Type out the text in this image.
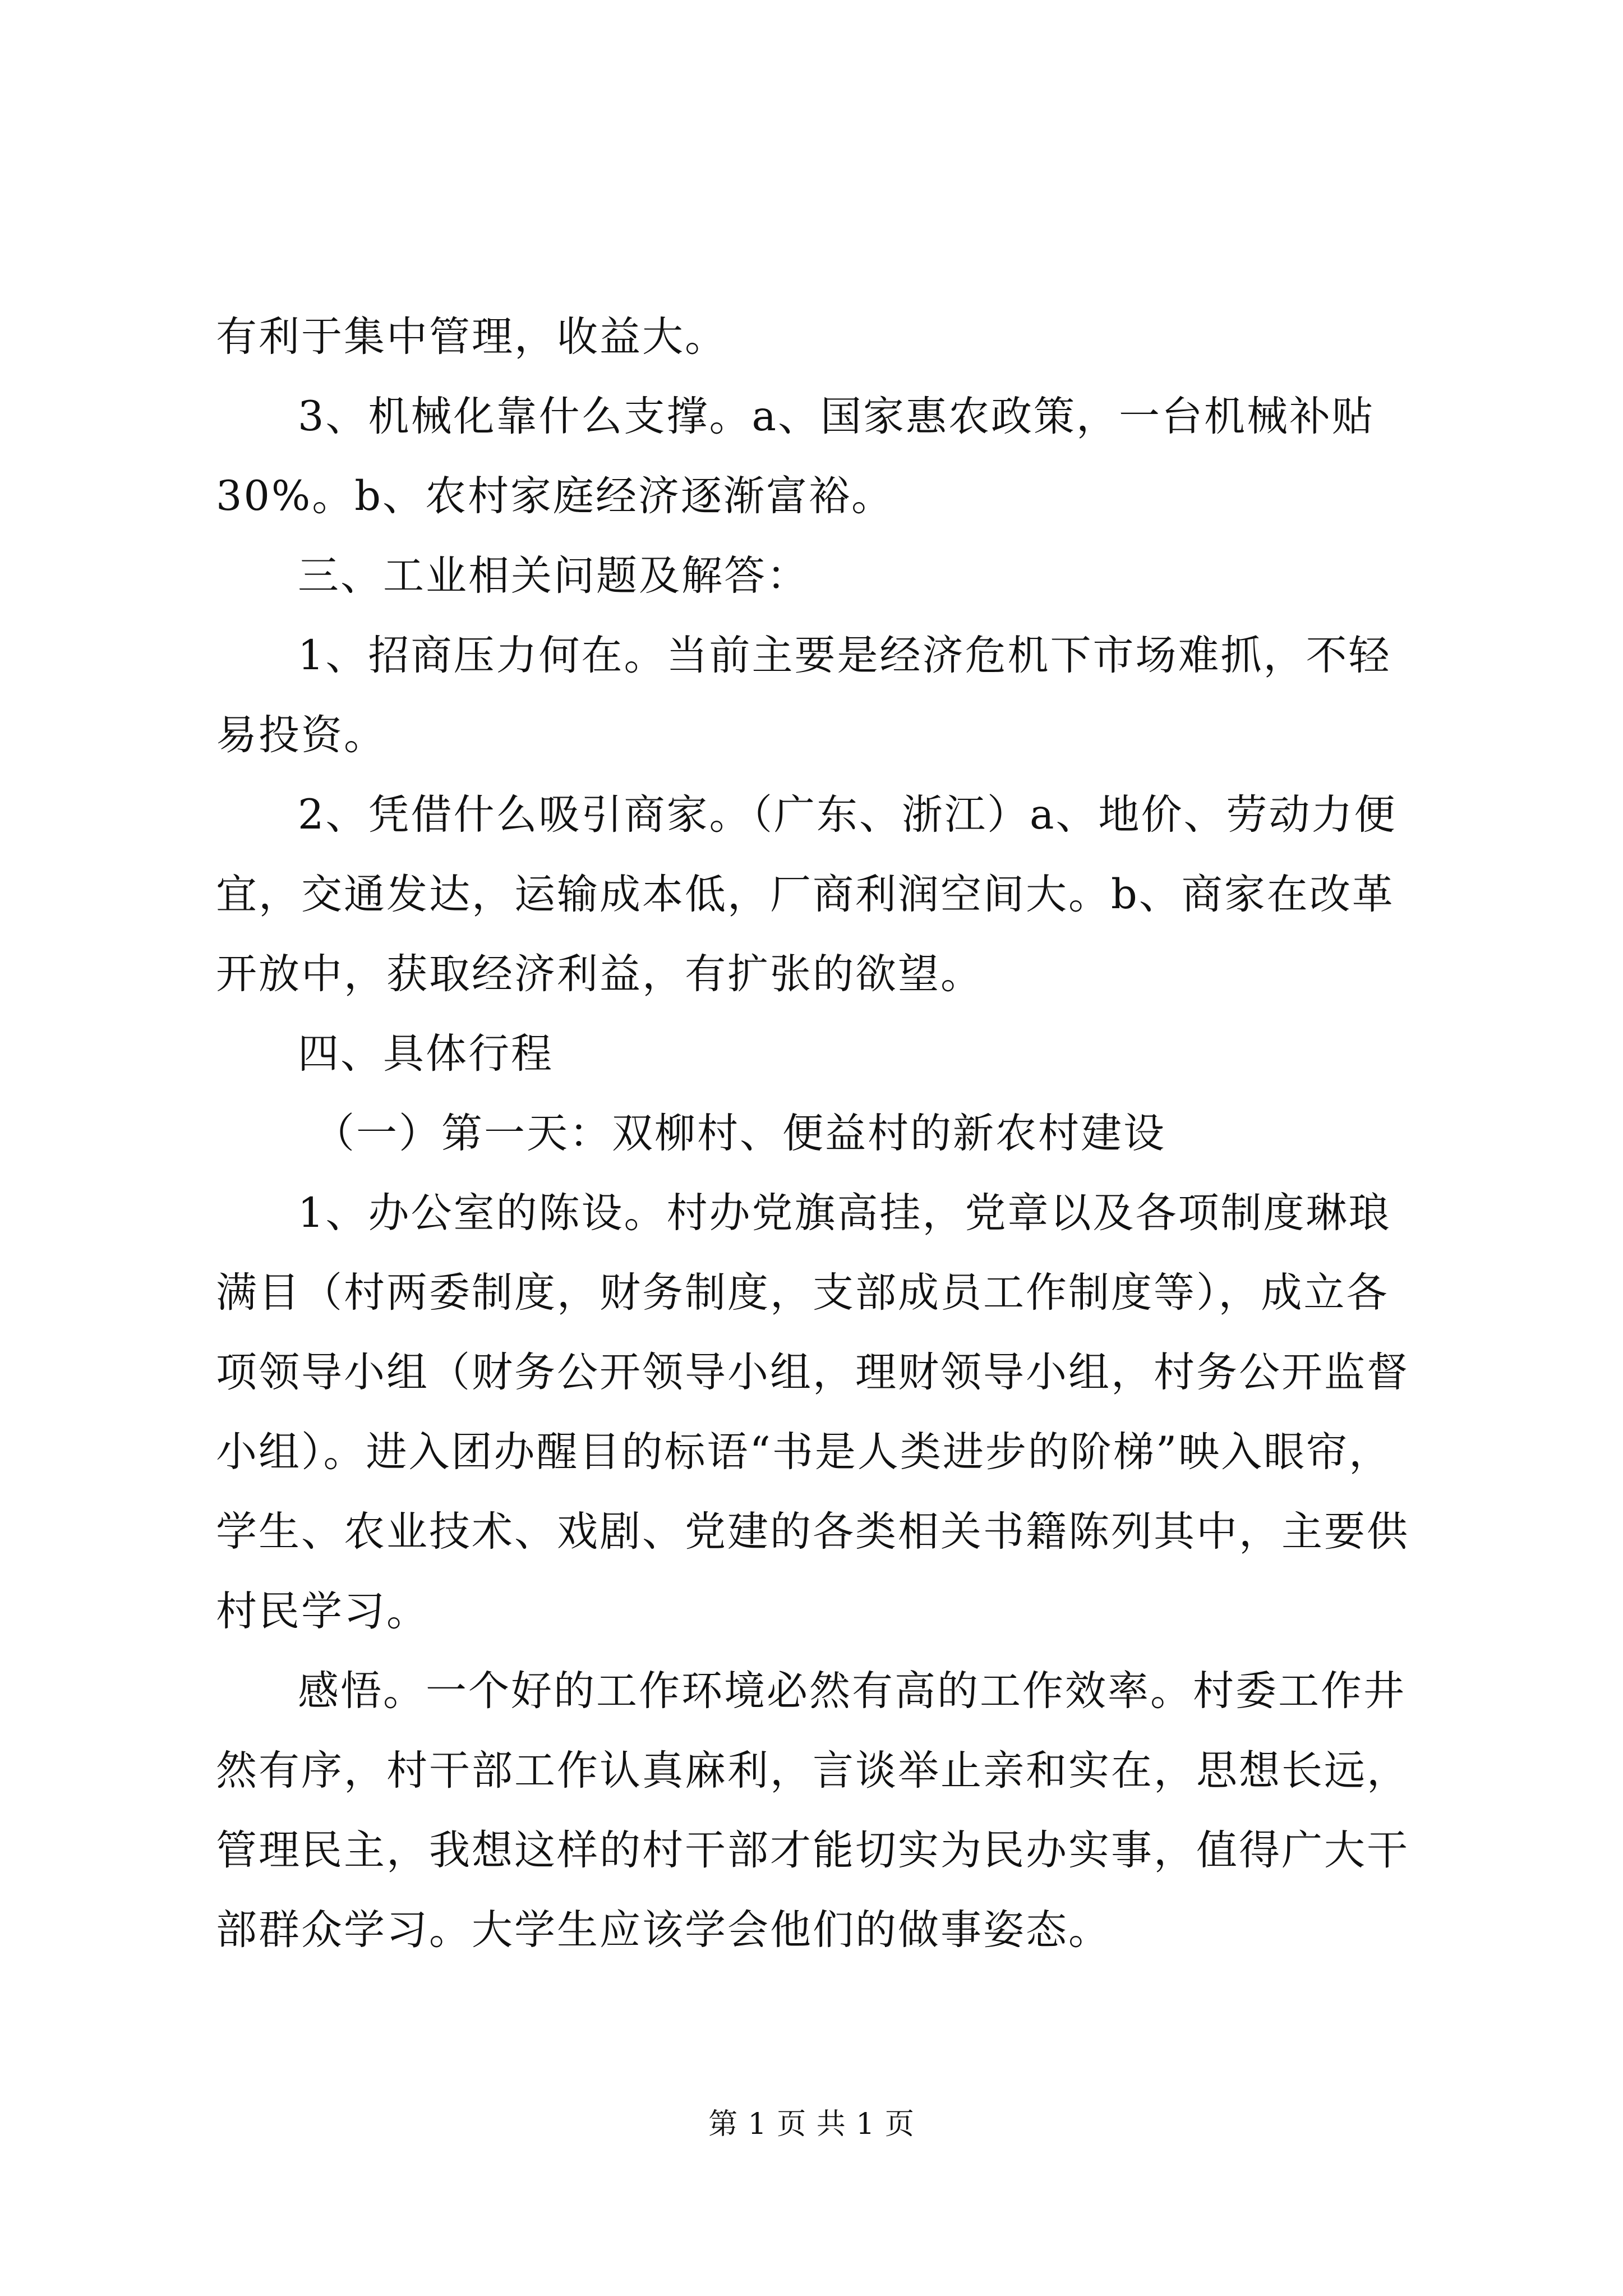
有利于集中管理，收益大。
3、机械化靠什么支撑。a、国家惠农政策，一台机械补贴
30%。b、农村家庭经济逐渐富裕。
三、工业相关问题及解答：
1、招商压力何在。当前主要是经济危机下市场难抓，不轻
易投资。
2、凭借什么吸引商家。（广东、浙江）a、地价、劳动力便
宜，交通发达，运输成本低，厂商利润空间大。b、商家在改革
开放中，获取经济利益，有扩张的欲望。
四、具体行程
（一）第一天：双柳村、便益村的新农村建设
1、办公室的陈设。村办党旗高挂，党章以及各项制度琳琅
满目（村两委制度，财务制度，支部成员工作制度等），成立各
项领导小组（财务公开领导小组，理财领导小组，村务公开监督
小组）。进入团办醒目的标语“书是人类进步的阶梯”映入眼帘，
学生、农业技术、戏剧、党建的各类相关书籍陈列其中，主要供
村民学习。
感悟。一个好的工作环境必然有高的工作效率。村委工作井
然有序，村干部工作认真麻利，言谈举止亲和实在，思想长远，
管理民主，我想这样的村干部才能切实为民办实事，值得广大干
部群众学习。大学生应该学会他们的做事姿态。
第 1 页 共 1 页
